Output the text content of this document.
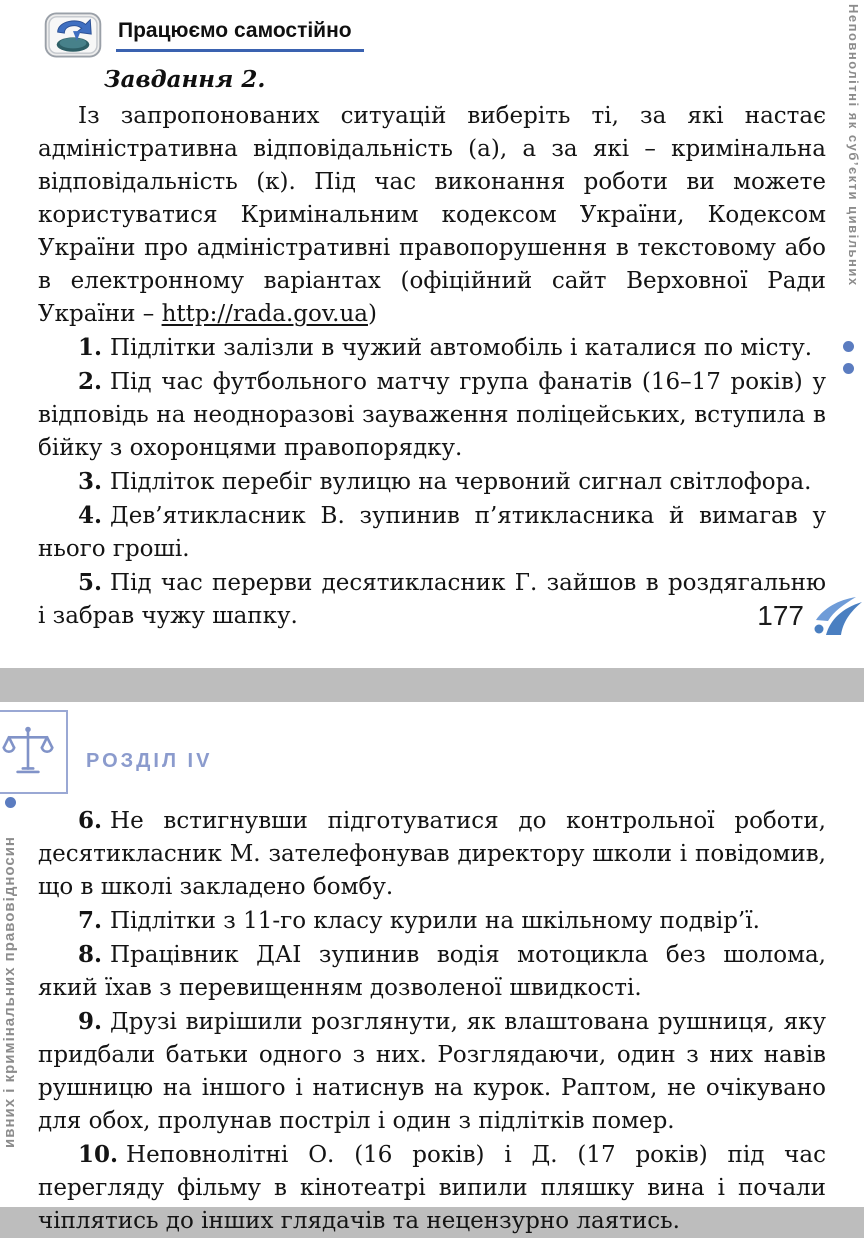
Працюємо самостійно

Завдання 2.

Із запропонованих ситуацій виберіть ті, за які настає адміністративна відповідальність (а), а за які – кримінальна відповідальність (к). Під час виконання роботи ви можете користуватися Кримінальним кодексом України, Кодексом України про адміністративні правопорушення в текстовому або в електронному варіантах (офіційний сайт Верховної Ради України – http://rada.gov.ua)

1. Підлітки залізли в чужий автомобіль і каталися по місту.

2. Під час футбольного матчу група фанатів (16–17 років) у відповідь на неодноразові зауваження поліцейських, вступила в бійку з охоронцями правопорядку.

3. Підліток перебіг вулицю на червоний сигнал світлофора.

4. Дев’ятикласник В. зупинив п’ятикласника й вимагав у нього гроші.

5. Під час перерви десятикласник Г. зайшов в роздягальню і забрав чужу шапку.	177
Неповнолітні як суб’єкти цивільних

РОЗДІЛ IV

6. Не встигнувши підготуватися до контрольної роботи, десятикласник М. зателефонував директору школи і повідомив, що в школі закладено бомбу.

7. Підлітки з 11-го класу курили на шкільному подвір’ї.

8. Працівник ДАІ зупинив водія мотоцикла без шолома, який їхав з перевищенням дозволеної швидкості.

9. Друзі вирішили розглянути, як влаштована рушниця, яку придбали батьки одного з них. Розглядаючи, один з них навів рушницю на іншого і натиснув на курок. Раптом, не очікувано для обох, пролунав постріл і один з підлітків помер.

10. Неповнолітні О. (16 років) і Д. (17 років) під час перегляду фільму в кінотеатрі випили пляшку вина і почали чіплятись до інших глядачів та нецензурно лаятись.

ивних і кримінальних правовідносин
